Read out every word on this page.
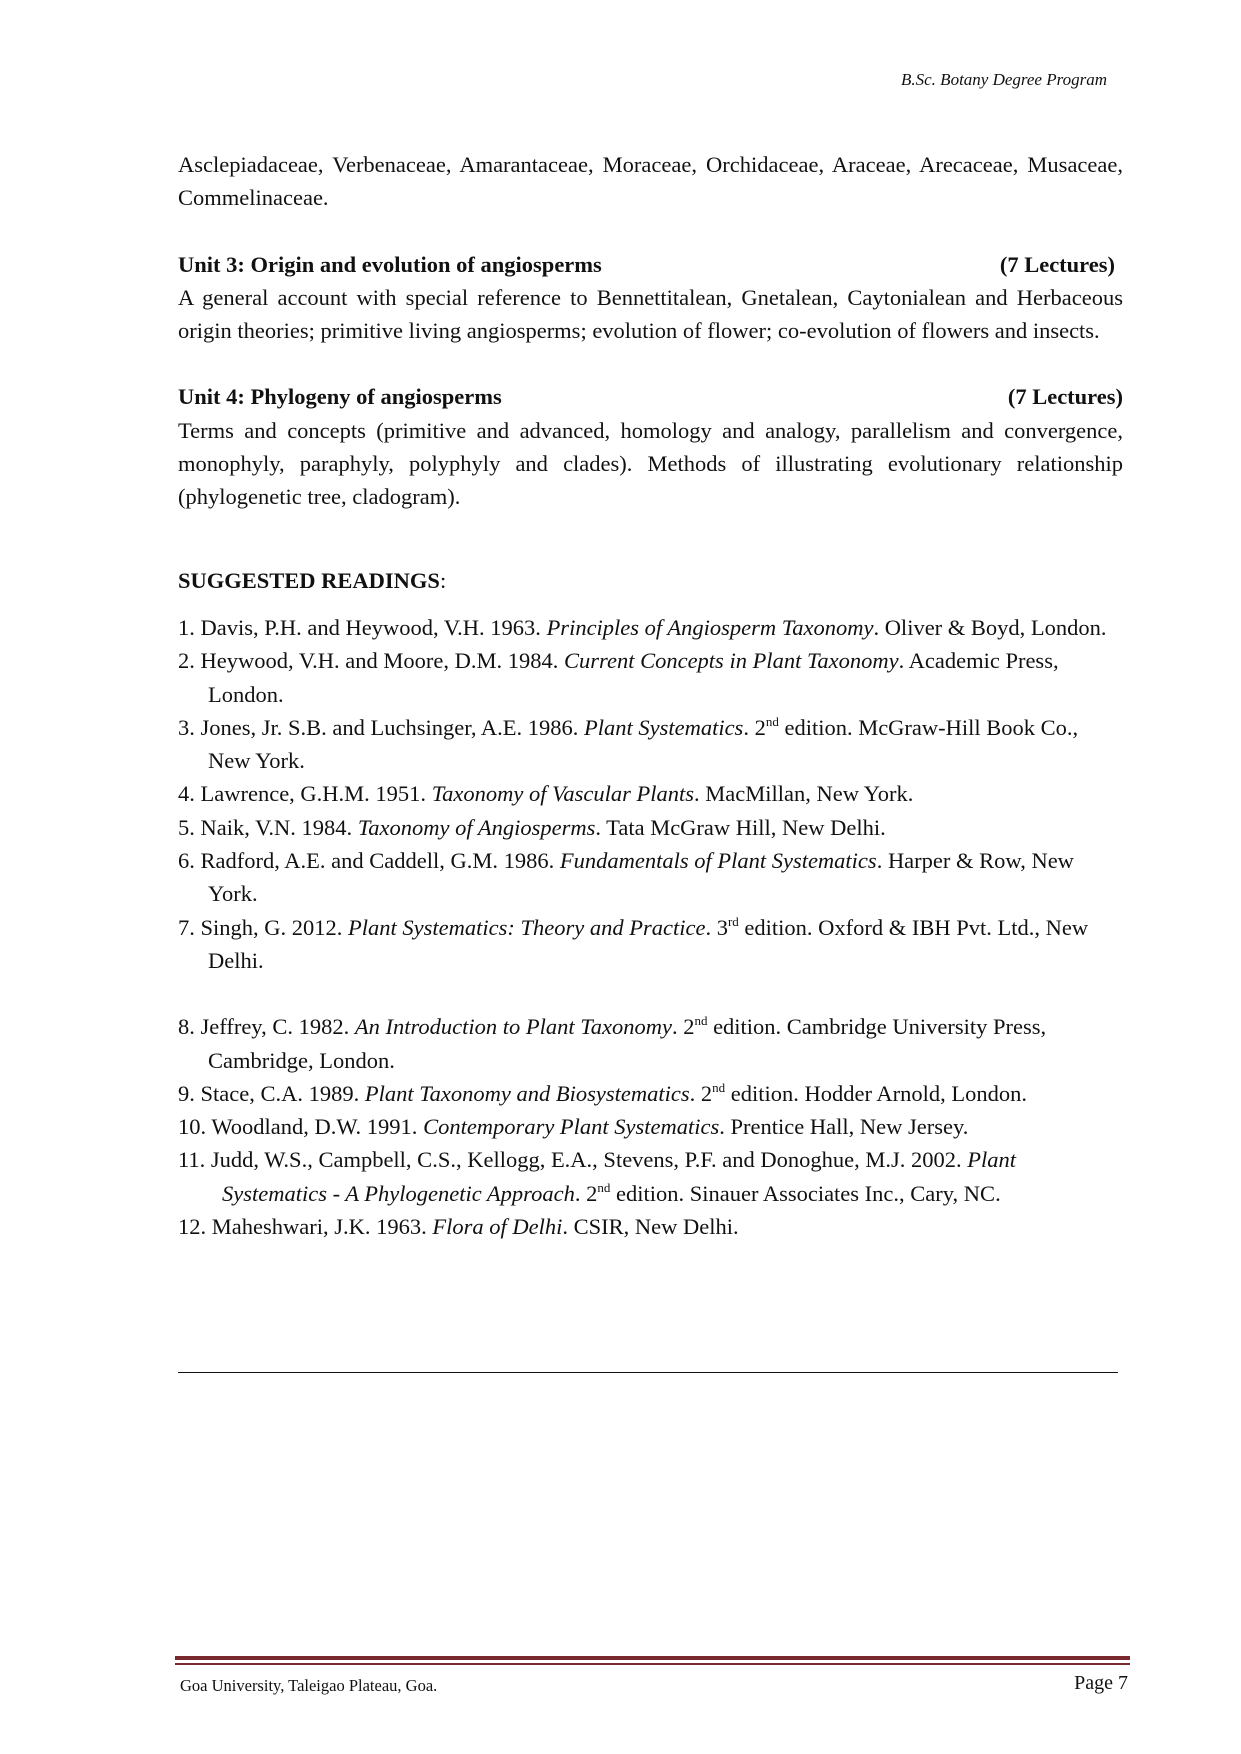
B.Sc. Botany Degree Program

Asclepiadaceae, Verbenaceae, Amarantaceae, Moraceae, Orchidaceae, Araceae, Arecaceae, Musaceae, Commelinaceae.

Unit 3: Origin and evolution of angiosperms	(7 Lectures)

A general account with special reference to Bennettitalean, Gnetalean, Caytonialean and Herbaceous origin theories; primitive living angiosperms; evolution of flower; co-evolution of flowers and insects.

Unit 4: Phylogeny of angiosperms	(7 Lectures)

Terms and concepts (primitive and advanced, homology and analogy, parallelism and convergence, monophyly, paraphyly, polyphyly and clades). Methods of illustrating evolutionary relationship (phylogenetic tree, cladogram).

SUGGESTED READINGS:

1. Davis, P.H. and Heywood, V.H. 1963. Principles of Angiosperm Taxonomy. Oliver & Boyd, London.
2. Heywood, V.H. and Moore, D.M. 1984. Current Concepts in Plant Taxonomy. Academic Press, London.
3. Jones, Jr. S.B. and Luchsinger, A.E. 1986. Plant Systematics. 2nd edition. McGraw-Hill Book Co., New York.
4. Lawrence, G.H.M. 1951. Taxonomy of Vascular Plants. MacMillan, New York.
5. Naik, V.N. 1984. Taxonomy of Angiosperms. Tata McGraw Hill, New Delhi.
6. Radford, A.E. and Caddell, G.M. 1986. Fundamentals of Plant Systematics. Harper & Row, New York.
7. Singh, G. 2012. Plant Systematics: Theory and Practice. 3rd edition. Oxford & IBH Pvt. Ltd., New Delhi.
8. Jeffrey, C. 1982. An Introduction to Plant Taxonomy. 2nd edition. Cambridge University Press, Cambridge, London.
9. Stace, C.A. 1989. Plant Taxonomy and Biosystematics. 2nd edition. Hodder Arnold, London.
10. Woodland, D.W. 1991. Contemporary Plant Systematics. Prentice Hall, New Jersey.
11. Judd, W.S., Campbell, C.S., Kellogg, E.A., Stevens, P.F. and Donoghue, M.J. 2002. Plant Systematics - A Phylogenetic Approach. 2nd edition. Sinauer Associates Inc., Cary, NC.
12. Maheshwari, J.K. 1963. Flora of Delhi. CSIR, New Delhi.
Goa University, Taleigao Plateau, Goa.	Page 7
